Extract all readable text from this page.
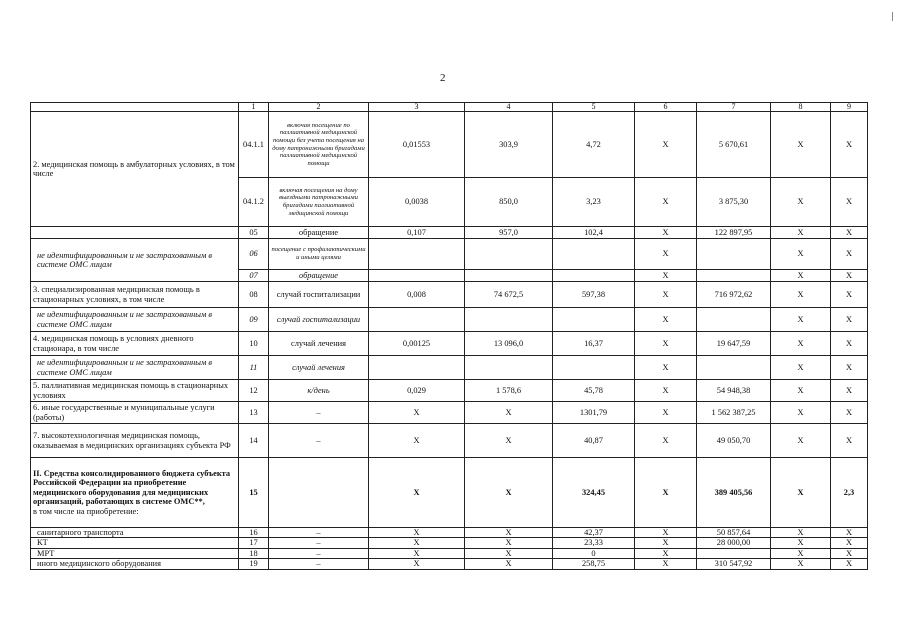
2
	1	2	3	4	5	6	7	8	9
2. медицинская помощь в амбулаторных условиях, в том числе	04.1.1	включая посещение по паллиативной медицинской помощи без учета посещения на дому патронажными бригадами паллиативной медицинской помощи	0,01553	303,9	4,72	X	5 670,61	X	X
	04.1.2	включая посещения на дому выездными патронажными бригадами паллиативной медицинской помощи	0,0038	850,0	3,23	X	3 875,30	X	X
	05	обращение	0,107	957,0	102,4	X	122 897,95	X	X
не идентифицированным и не застрахованным в системе ОМС лицам	06	посещение с профилактическими и иными целями				X		X	X
	07	обращение				X		X	X
3. специализированная медицинская помощь в стационарных условиях, в том числе	08	случай госпитализации	0,008	74 672,5	597,38	X	716 972,62	X	X
не идентифицированным и не застрахованным в системе ОМС лицам	09	случай госпитализации				X		X	X
4. медицинская помощь в условиях дневного стационара, в том числе	10	случай лечения	0,00125	13 096,0	16,37	X	19 647,59	X	X
не идентифицированным и не застрахованным в системе ОМС лицам	11	случай лечения				X		X	X
5. паллиативная медицинская помощь в стационарных условиях	12	к/день	0,029	1 578,6	45,78	X	54 948,38	X	X
6. иные государственные и муниципальные услуги (работы)	13	–	X	X	1301,79	X	1 562 387,25	X	X
7. высокотехнологичная медицинская помощь, оказываемая в медицинских организациях субъекта РФ	14	–	X	X	40,87	X	49 050,70	X	X

II. Средства консолидированного бюджета субъекта Российской Федерации на приобретение медицинского оборудования для медицинских организаций, работающих в системе ОМС**,
в том числе на приобретение:	15		X	X	324,45	X	389 405,56	X	2,3
санитарного транспорта	16	–	X	X	42,37	X	50 857,64	X	X
КТ	17	–	X	X	23,33	X	28 000,00	X	X
МРТ	18	–	X	X	0	X		X	X
иного медицинского оборудования	19	–	X	X	258,75	X	310 547,92	X	X
